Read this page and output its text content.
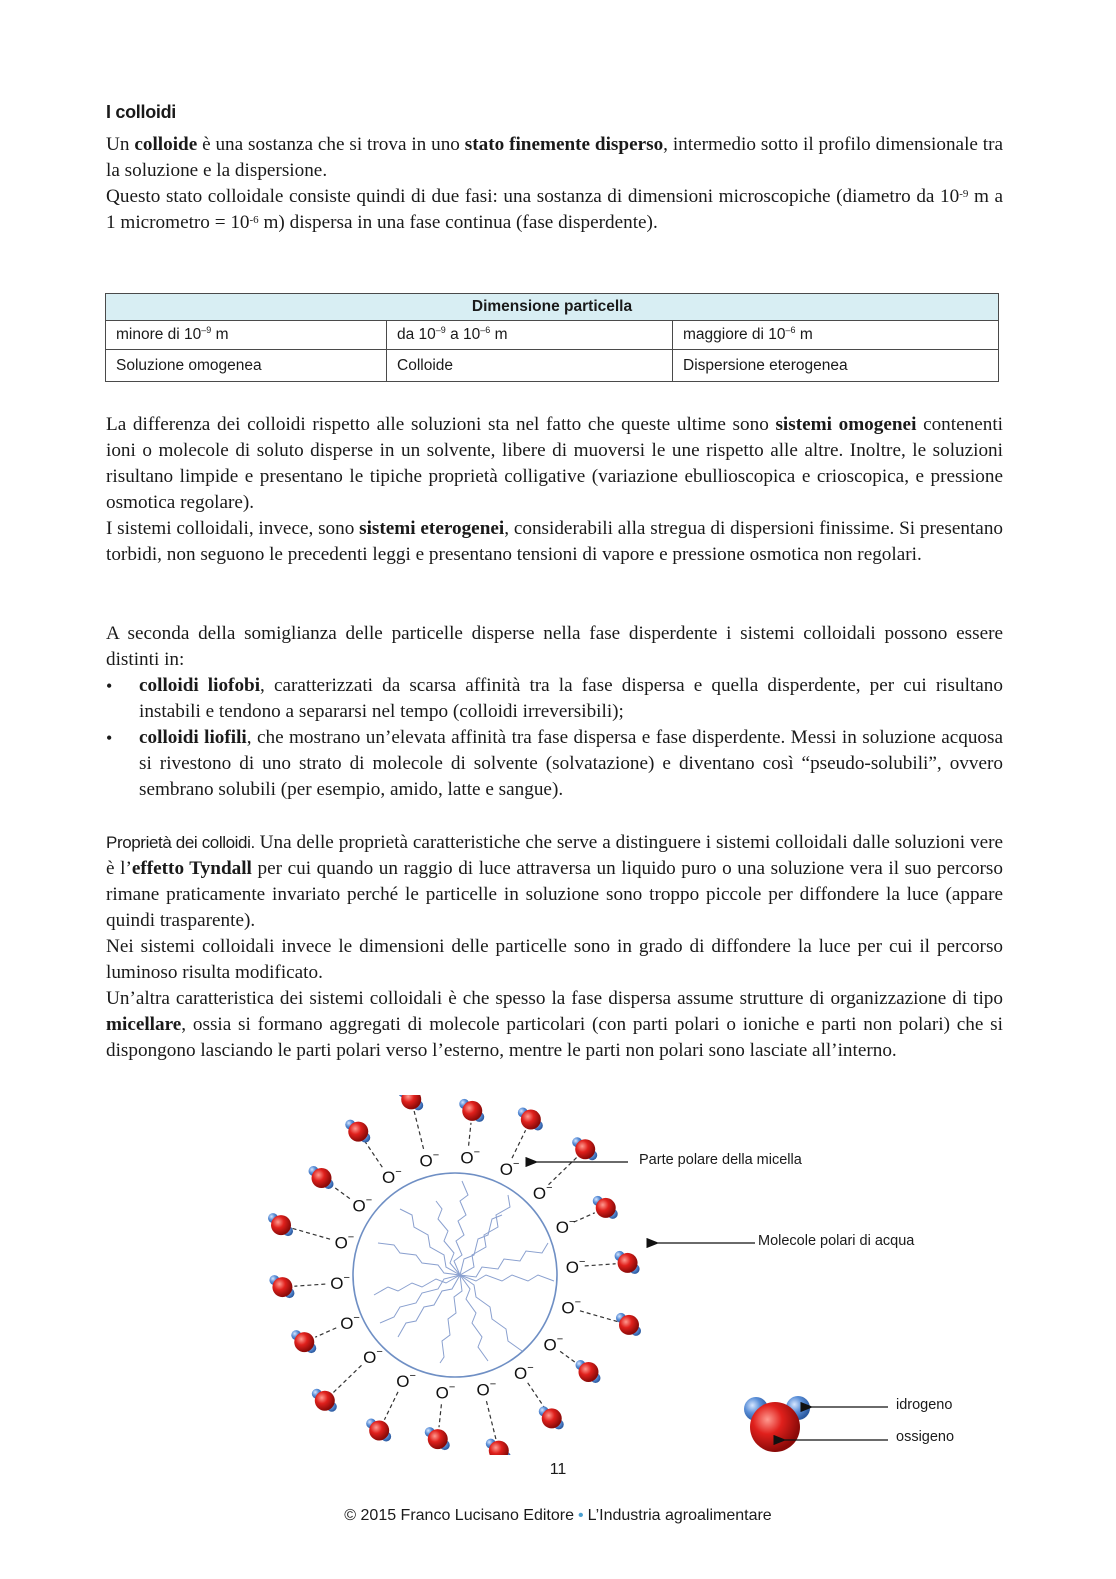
I colloidi
Un colloide è una sostanza che si trova in uno stato finemente disperso, intermedio sotto il profilo dimensionale tra la soluzione e la dispersione.
Questo stato colloidale consiste quindi di due fasi: una sostanza di dimensioni microscopiche (diametro da $10^{-9}$ m a 1 micrometro = $10^{-6}$ m) dispersa in una fase continua (fase disperdente).
Dimensione particella		
minore di $10^{-9}$ m	da $10^{-9}$ a $10^{-6}$ m	maggiore di $10^{-6}$ m
Soluzione omogenea	Colloide	Dispersione eterogenea
La differenza dei colloidi rispetto alle soluzioni sta nel fatto che queste ultime sono sistemi omogenei contenenti ioni o molecole di soluto disperse in un solvente, libere di muoversi le une rispetto alle altre. Inoltre, le soluzioni risultano limpide e presentano le tipiche proprietà colligative (variazione ebullioscopica e crioscopica, e pressione osmotica regolare).
I sistemi colloidali, invece, sono sistemi eterogenei, considerabili alla stregua di dispersioni finissime. Si presentano torbidi, non seguono le precedenti leggi e presentano tensioni di vapore e pressione osmotica non regolari.
A seconda della somiglianza delle particelle disperse nella fase disperdente i sistemi colloidali possono essere distinti in:
• colloidi liofobi, caratterizzati da scarsa affinità tra la fase dispersa e quella disperdente, per cui risultano instabili e tendono a separarsi nel tempo (colloidi irreversibili);
• colloidi liofili, che mostrano un’elevata affinità tra fase dispersa e fase disperdente. Messi in soluzione acquosa si rivestono di uno strato di molecole di solvente (solvatazione) e diventano così “pseudo-solubili”, ovvero sembrano solubili (per esempio, amido, latte e sangue).
Proprietà dei colloidi. Una delle proprietà caratteristiche che serve a distinguere i sistemi colloidali dalle soluzioni vere è l’effetto Tyndall per cui quando un raggio di luce attraversa un liquido puro o una soluzione vera il suo percorso rimane praticamente invariato perché le particelle in soluzione sono troppo piccole per diffondere la luce (appare quindi trasparente).
Nei sistemi colloidali invece le dimensioni delle particelle sono in grado di diffondere la luce per cui il percorso luminoso risulta modificato.
Un’altra caratteristica dei sistemi colloidali è che spesso la fase dispersa assume strutture di organizzazione di tipo micellare, ossia si formano aggregati di molecole particolari (con parti polari o ioniche e parti non polari) che si dispongono lasciando le parti polari verso l’esterno, mentre le parti non polari sono lasciate all’interno.
O−
O−
O−
O−
O−
O−
O−
O−
O−
O−
O−
O−
O−
O−
O−
O−
O−
O−	Parte polare della micella
Molecole polari di acqua
idrogeno
ossigeno
11
© 2015 Franco Lucisano Editore • L’Industria agroalimentare
